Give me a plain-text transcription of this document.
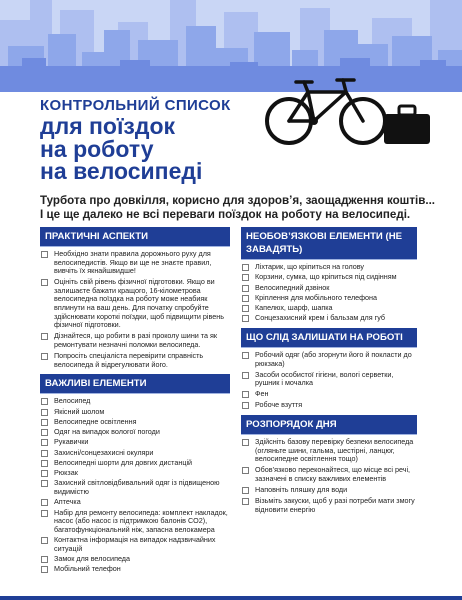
КОНТРОЛЬНИЙ СПИСОК
для поїздок
на роботу
на велосипеді
Турбота про довкілля, корисно для здоров’я, заощадження коштів...
І це ще далеко не всі переваги поїздок на роботу на велосипеді.
ПРАКТИЧНІ АСПЕКТИ
Необхідно знати правила дорожнього руху для велосипедистів. Якщо ви ще не знаєте правил, вивчіть їх якнайшвидше!
Оцініть свій рівень фізичної підготовки. Якщо ви залишаєте бажати кращого, 16-кілометрова велосипедна поїздка на роботу може неабияк вплинути на ваш день. Для початку спробуйте здійснювати короткі поїздки, щоб підвищити рівень фізичної підготовки.
Дізнайтеся, що робити в разі проколу шини та як ремонтувати незначні поломки велосипеда.
Попросіть спеціаліста перевірити справність велосипеда й відрегулювати його.
ВАЖЛИВІ ЕЛЕМЕНТИ
Велосипед
Якісний шолом
Велосипедне освітлення
Одяг на випадок вологої погоди
Рукавички
Захисні/сонцезахисні окуляри
Велосипедні шорти для довгих дистанцій
Рюкзак
Захисний світловідбивальний одяг із підвищеною видимістю
Аптечка
Набір для ремонту велосипеда: комплект накладок, насос (або насос із підтримкою балонів CO2), багатофункціональний ніж, запасна велокамера
Контактна інформація на випадок надзвичайних ситуацій
Замок для велосипеда
Мобільний телефон
НЕОБОВ’ЯЗКОВІ ЕЛЕМЕНТИ (НЕ ЗАВАДЯТЬ)
Ліхтарик, що кріпиться на голову
Корзини, сумка, що кріпиться під сидінням
Велосипедний дзвінок
Кріплення для мобільного телефона
Капелюх, шарф, шапка
Сонцезахисний крем і бальзам для губ
ЩО СЛІД ЗАЛИШАТИ НА РОБОТІ
Робочий одяг (або згорнути його й покласти до рюкзака)
Засоби особистої гігієни, вологі серветки, рушник і мочалка
Фен
Робоче взуття
РОЗПОРЯДОК ДНЯ
Здійсніть базову перевірку безпеки велосипеда (огляньте шини, гальма, шестірні, ланцюг, велосипедне освітлення тощо)
Обов’язково переконайтеся, що місце всі речі, зазначені в списку важливих елементів
Наповніть пляшку для води
Візьміть закуски, щоб у разі потреби мати змогу відновити енергію
